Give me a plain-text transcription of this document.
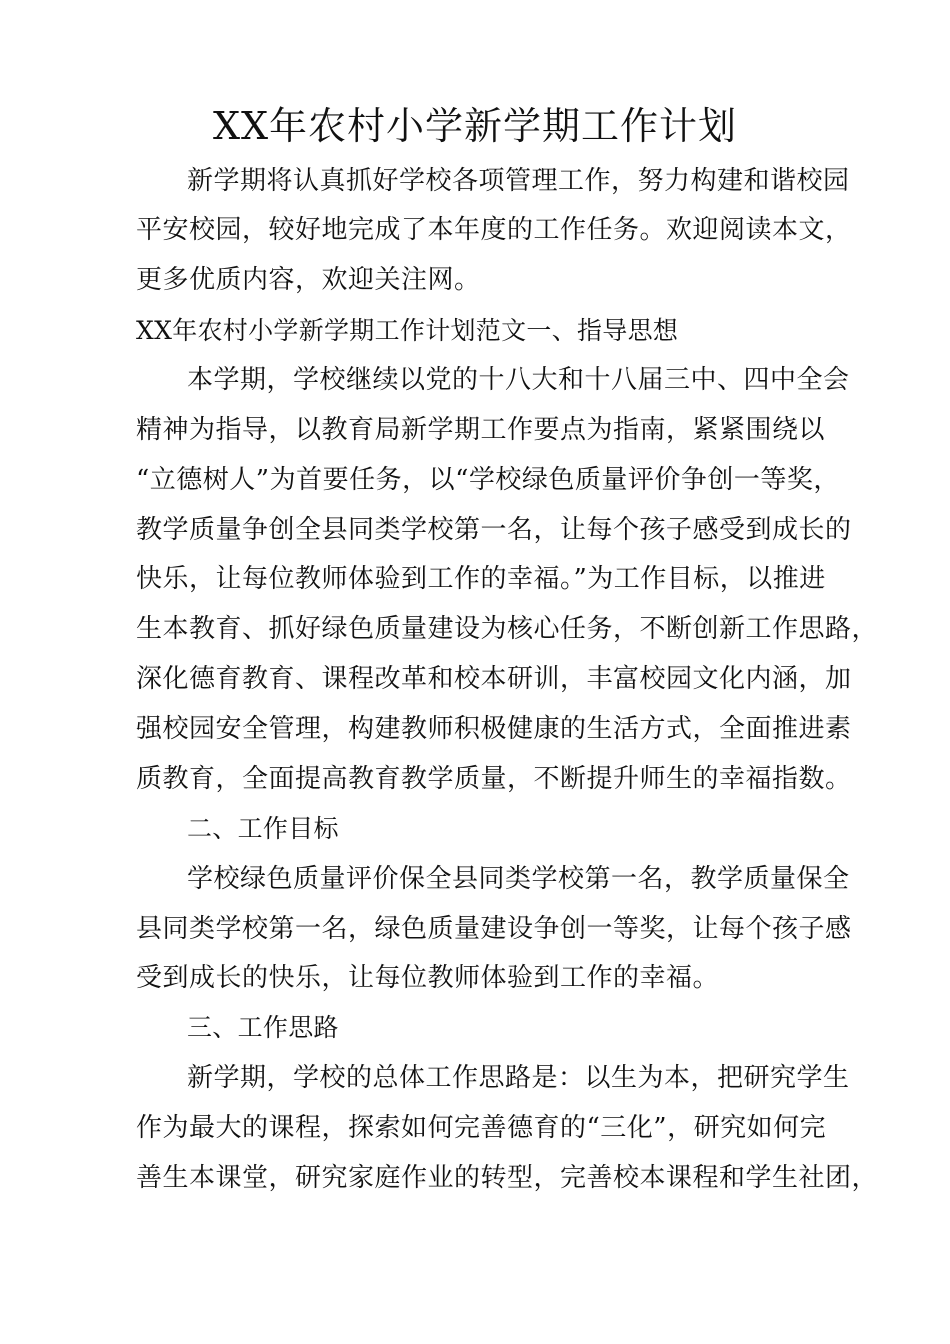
XX年农村小学新学期工作计划
新学期将认真抓好学校各项管理工作，努力构建和谐校园
平安校园，较好地完成了本年度的工作任务。欢迎阅读本文，
更多优质内容，欢迎关注网。
XX年农村小学新学期工作计划范文一、指导思想
本学期，学校继续以党的十八大和十八届三中、四中全会
精神为指导，以教育局新学期工作要点为指南，紧紧围绕以
“立德树人”为首要任务，以“学校绿色质量评价争创一等奖，
教学质量争创全县同类学校第一名，让每个孩子感受到成长的
快乐，让每位教师体验到工作的幸福。”为工作目标，以推进
生本教育、抓好绿色质量建设为核心任务，不断创新工作思路，
深化德育教育、课程改革和校本研训，丰富校园文化内涵，加
强校园安全管理，构建教师积极健康的生活方式，全面推进素
质教育，全面提高教育教学质量，不断提升师生的幸福指数。
二、工作目标
学校绿色质量评价保全县同类学校第一名，教学质量保全
县同类学校第一名，绿色质量建设争创一等奖，让每个孩子感
受到成长的快乐，让每位教师体验到工作的幸福。
三、工作思路
新学期，学校的总体工作思路是：以生为本，把研究学生
作为最大的课程，探索如何完善德育的“三化”，研究如何完
善生本课堂，研究家庭作业的转型，完善校本课程和学生社团，
